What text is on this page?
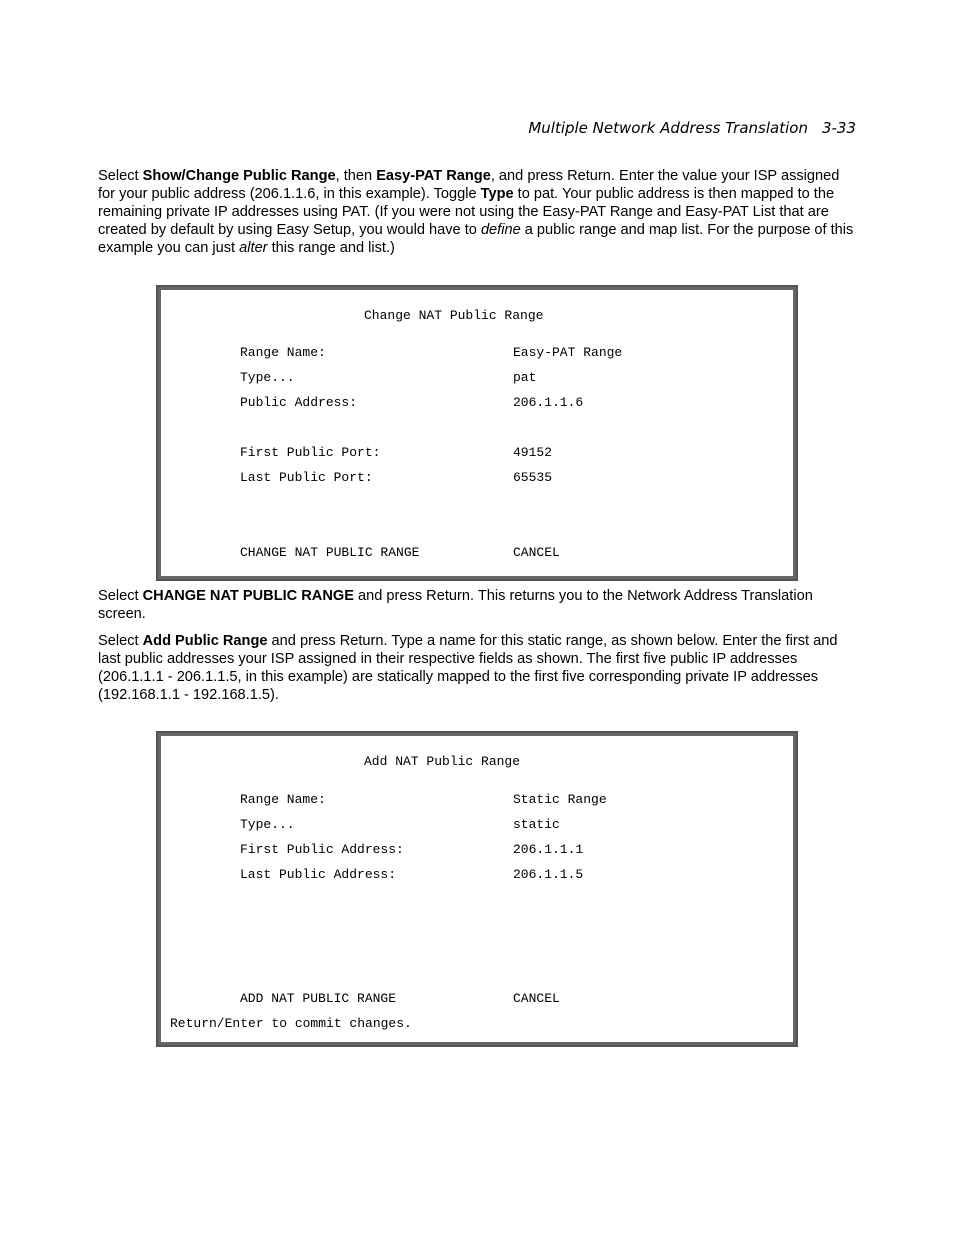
Multiple Network Address Translation 3-33

Select Show/Change Public Range, then Easy-PAT Range, and press Return. Enter the value your ISP assigned for your public address (206.1.1.6, in this example). Toggle Type to pat. Your public address is then mapped to the remaining private IP addresses using PAT. (If you were not using the Easy-PAT Range and Easy-PAT List that are created by default by using Easy Setup, you would have to define a public range and map list. For the purpose of this example you can just alter this range and list.)

Change NAT Public Range
Range Name:	Easy-PAT Range
Type...	pat
Public Address:	206.1.1.6
First Public Port:	49152
Last Public Port:	65535
CHANGE NAT PUBLIC RANGE	CANCEL

Select CHANGE NAT PUBLIC RANGE and press Return. This returns you to the Network Address Translation screen.

Select Add Public Range and press Return. Type a name for this static range, as shown below. Enter the first and last public addresses your ISP assigned in their respective fields as shown. The first five public IP addresses (206.1.1.1 - 206.1.1.5, in this example) are statically mapped to the first five corresponding private IP addresses (192.168.1.1 - 192.168.1.5).

Add NAT Public Range
Range Name:	Static Range
Type...	static
First Public Address:	206.1.1.1
Last Public Address:	206.1.1.5
ADD NAT PUBLIC RANGE	CANCEL
Return/Enter to commit changes.
